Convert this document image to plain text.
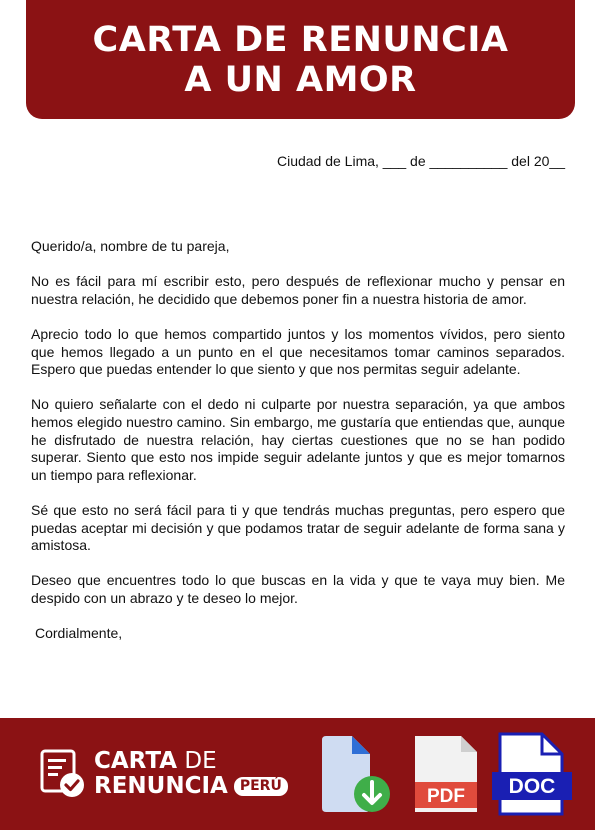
CARTA DE RENUNCIA
A UN AMOR
Ciudad de Lima, ___ de __________ del 20__

Querido/a, nombre de tu pareja,

No es fácil para mí escribir esto, pero después de reflexionar mucho y pensar en nuestra relación, he decidido que debemos poner fin a nuestra historia de amor.

Aprecio todo lo que hemos compartido juntos y los momentos vívidos, pero siento que hemos llegado a un punto en el que necesitamos tomar caminos separados. Espero que puedas entender lo que siento y que nos permitas seguir adelante.

No quiero señalarte con el dedo ni culparte por nuestra separación, ya que ambos hemos elegido nuestro camino. Sin embargo, me gustaría que entiendas que, aunque he disfrutado de nuestra relación, hay ciertas cuestiones que no se han podido superar. Siento que esto nos impide seguir adelante juntos y que es mejor tomarnos un tiempo para reflexionar.

Sé que esto no será fácil para ti y que tendrás muchas preguntas, pero espero que puedas aceptar mi decisión y que podamos tratar de seguir adelante de forma sana y amistosa.

Deseo que encuentres todo lo que buscas en la vida y que te vaya muy bien. Me despido con un abrazo y te deseo lo mejor.

Cordialmente,

CARTA DE
RENUNCIA PERÚ
PDF DOC
